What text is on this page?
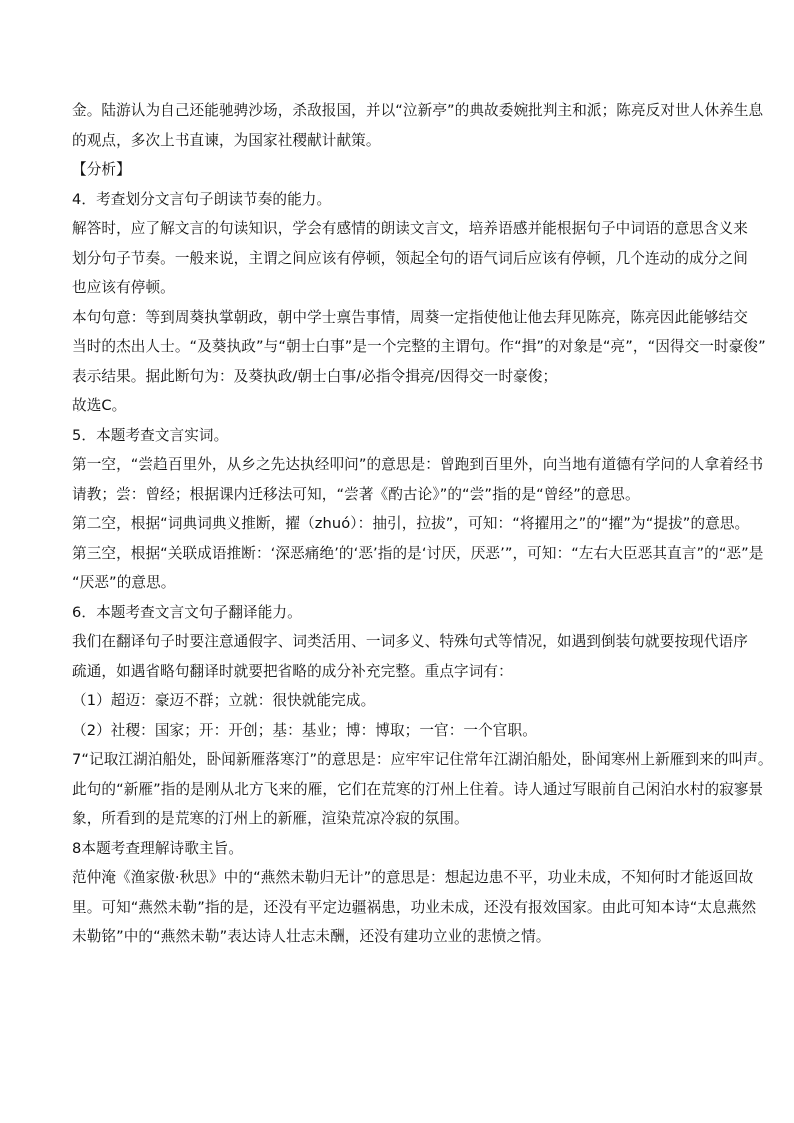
金。陆游认为自己还能驰骋沙场，杀敌报国，并以“泣新亭”的典故委婉批判主和派；陈亮反对世人休养生息
的观点，多次上书直谏，为国家社稷献计献策。
【分析】
4．考查划分文言句子朗读节奏的能力。
解答时，应了解文言的句读知识，学会有感情的朗读文言文，培养语感并能根据句子中词语的意思含义来
划分句子节奏。一般来说，主谓之间应该有停顿，领起全句的语气词后应该有停顿，几个连动的成分之间
也应该有停顿。
本句句意：等到周葵执掌朝政，朝中学士禀告事情，周葵一定指使他让他去拜见陈亮，陈亮因此能够结交
当时的杰出人士。“及葵执政”与“朝士白事”是一个完整的主谓句。作“揖”的对象是“亮”，“因得交一时豪俊”
表示结果。据此断句为：及葵执政/朝士白事/必指令揖亮/因得交一时豪俊；
故选C。
5．本题考查文言实词。
第一空，“尝趋百里外，从乡之先达执经叩问”的意思是：曾跑到百里外，向当地有道德有学问的人拿着经书
请教；尝：曾经；根据课内迁移法可知，“尝著《酌古论》”的“尝”指的是“曾经”的意思。
第二空，根据“词典词典义推断，擢（zhuó）：抽引，拉拔”，可知：“将擢用之”的“擢”为“提拔”的意思。
第三空，根据“关联成语推断：‘深恶痛绝’的‘恶’指的是‘讨厌，厌恶’”，可知：“左右大臣恶其直言”的“恶”是
“厌恶”的意思。
6．本题考查文言文句子翻译能力。
我们在翻译句子时要注意通假字、词类活用、一词多义、特殊句式等情况，如遇到倒装句就要按现代语序
疏通，如遇省略句翻译时就要把省略的成分补充完整。重点字词有：
（1）超迈：豪迈不群；立就：很快就能完成。
（2）社稷：国家；开：开创；基：基业；博：博取；一官：一个官职。
7“记取江湖泊船处，卧闻新雁落寒汀”的意思是：应牢牢记住常年江湖泊船处，卧闻寒州上新雁到来的叫声。
此句的“新雁”指的是刚从北方飞来的雁，它们在荒寒的汀州上住着。诗人通过写眼前自己闲泊水村的寂寥景
象，所看到的是荒寒的汀州上的新雁，渲染荒凉冷寂的氛围。
8本题考查理解诗歌主旨。
范仲淹《渔家傲·秋思》中的“燕然未勒归无计”的意思是：想起边患不平，功业未成，不知何时才能返回故
里。可知“燕然未勒”指的是，还没有平定边疆祸患，功业未成，还没有报效国家。由此可知本诗“太息燕然
未勒铭”中的“燕然未勒”表达诗人壮志未酬，还没有建功立业的悲愤之情。
